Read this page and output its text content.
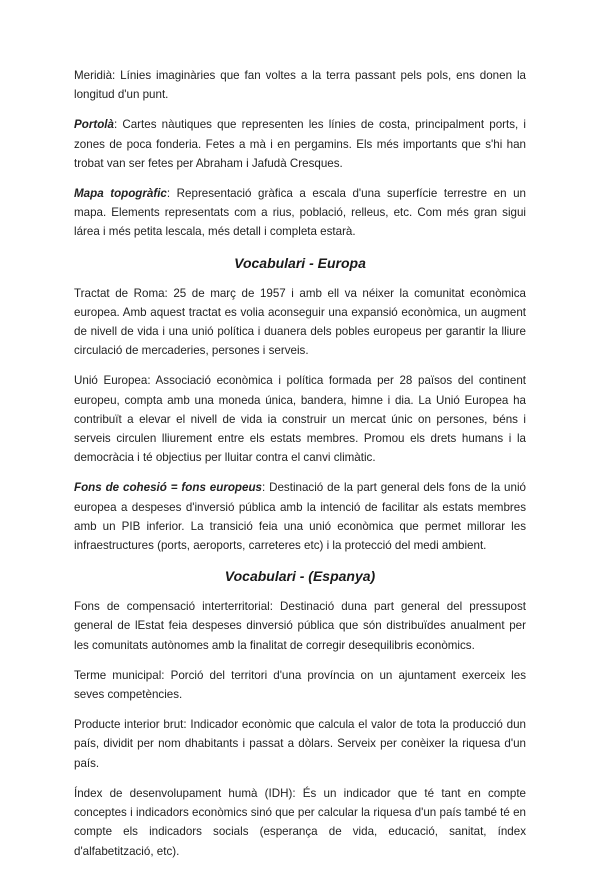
Meridià: Línies imaginàries que fan voltes a la terra passant pels pols, ens donen la longitud d'un punt.

Portolà: Cartes nàutiques que representen les línies de costa, principalment ports, i zones de poca fonderia. Fetes a mà i en pergamins. Els més importants que s'hi han trobat van ser fetes per Abraham i Jafudà Cresques.

Mapa topogràfic: Representació gràfica a escala d'una superfície terrestre en un mapa. Elements representats com a rius, població, relleus, etc. Com més gran sigui lárea i més petita lescala, més detall i completa estarà.

Vocabulari - Europa

Tractat de Roma: 25 de març de 1957 i amb ell va néixer la comunitat econòmica europea. Amb aquest tractat es volia aconseguir una expansió econòmica, un augment de nivell de vida i una unió política i duanera dels pobles europeus per garantir la lliure circulació de mercaderies, persones i serveis.

Unió Europea: Associació econòmica i política formada per 28 països del continent europeu, compta amb una moneda única, bandera, himne i dia. La Unió Europea ha contribuït a elevar el nivell de vida ia construir un mercat únic on persones, béns i serveis circulen lliurement entre els estats membres. Promou els drets humans i la democràcia i té objectius per lluitar contra el canvi climàtic.

Fons de cohesió = fons europeus: Destinació de la part general dels fons de la unió europea a despeses d'inversió pública amb la intenció de facilitar als estats membres amb un PIB inferior. La transició feia una unió econòmica que permet millorar les infraestructures (ports, aeroports, carreteres etc) i la protecció del medi ambient.

Vocabulari - (Espanya)

Fons de compensació interterritorial: Destinació duna part general del pressupost general de lEstat feia despeses dinversió pública que són distribuïdes anualment per les comunitats autònomes amb la finalitat de corregir desequilibris econòmics.

Terme municipal: Porció del territori d'una província on un ajuntament exerceix les seves competències.

Producte interior brut: Indicador econòmic que calcula el valor de tota la producció dun país, dividit per nom dhabitants i passat a dòlars. Serveix per conèixer la riquesa d'un país.

Índex de desenvolupament humà (IDH): És un indicador que té tant en compte conceptes i indicadors econòmics sinó que per calcular la riquesa d'un país també té en compte els indicadors socials (esperança de vida, educació, sanitat, índex d'alfabetització, etc).
